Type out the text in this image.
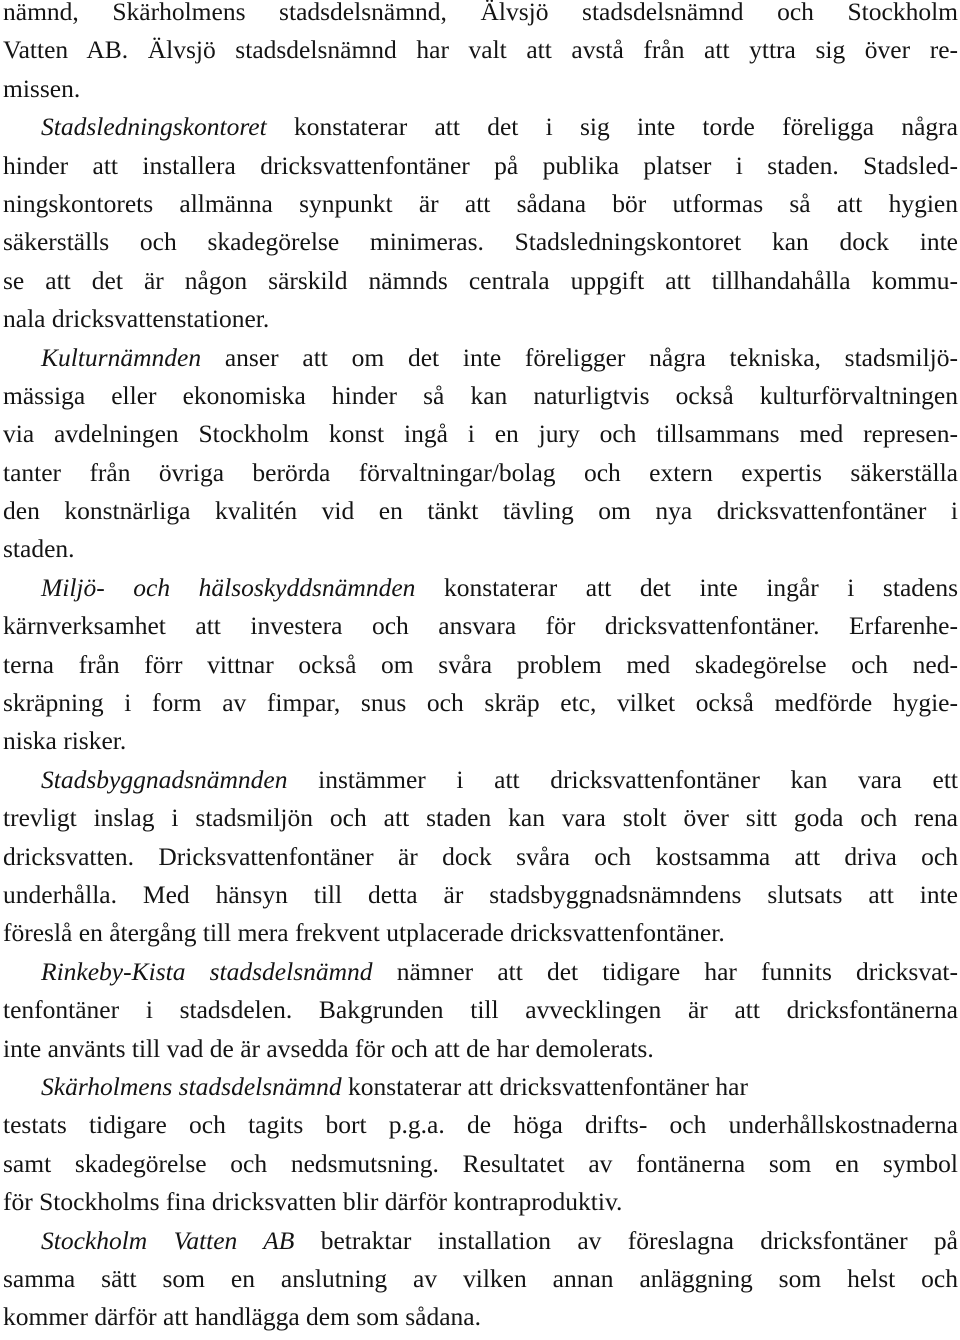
nämnd, Skärholmens stadsdelsnämnd, Älvsjö stadsdelsnämnd och Stockholm
Vatten AB. Älvsjö stadsdelsnämnd har valt att avstå från att yttra sig över re-
missen.
Stadsledningskontoret konstaterar att det i sig inte torde föreligga några
hinder att installera dricksvattenfontäner på publika platser i staden. Stadsled-
ningskontorets allmänna synpunkt är att sådana bör utformas så att hygien
säkerställs och skadegörelse minimeras. Stadsledningskontoret kan dock inte
se att det är någon särskild nämnds centrala uppgift att tillhandahålla kommu-
nala dricksvattenstationer.
Kulturnämnden anser att om det inte föreligger några tekniska, stadsmiljö-
mässiga eller ekonomiska hinder så kan naturligtvis också kulturförvaltningen
via avdelningen Stockholm konst ingå i en jury och tillsammans med represen-
tanter från övriga berörda förvaltningar/bolag och extern expertis säkerställa
den konstnärliga kvalitén vid en tänkt tävling om nya dricksvattenfontäner i
staden.
Miljö- och hälsoskyddsnämnden konstaterar att det inte ingår i stadens
kärnverksamhet att investera och ansvara för dricksvattenfontäner. Erfarenhe-
terna från förr vittnar också om svåra problem med skadegörelse och ned-
skräpning i form av fimpar, snus och skräp etc, vilket också medförde hygie-
niska risker.
Stadsbyggnadsnämnden instämmer i att dricksvattenfontäner kan vara ett
trevligt inslag i stadsmiljön och att staden kan vara stolt över sitt goda och rena
dricksvatten. Dricksvattenfontäner är dock svåra och kostsamma att driva och
underhålla. Med hänsyn till detta är stadsbyggnadsnämndens slutsats att inte
föreslå en återgång till mera frekvent utplacerade dricksvattenfontäner.
Rinkeby-Kista stadsdelsnämnd nämner att det tidigare har funnits dricksvat-
tenfontäner i stadsdelen. Bakgrunden till avvecklingen är att dricksfontänerna
inte använts till vad de är avsedda för och att de har demolerats.
Skärholmens stadsdelsnämnd konstaterar att dricksvattenfontäner har
testats tidigare och tagits bort p.g.a. de höga drifts- och underhållskostnaderna
samt skadegörelse och nedsmutsning. Resultatet av fontänerna som en symbol
för Stockholms fina dricksvatten blir därför kontraproduktiv.
Stockholm Vatten AB betraktar installation av föreslagna dricksfontäner på
samma sätt som en anslutning av vilken annan anläggning som helst och
kommer därför att handlägga dem som sådana.
